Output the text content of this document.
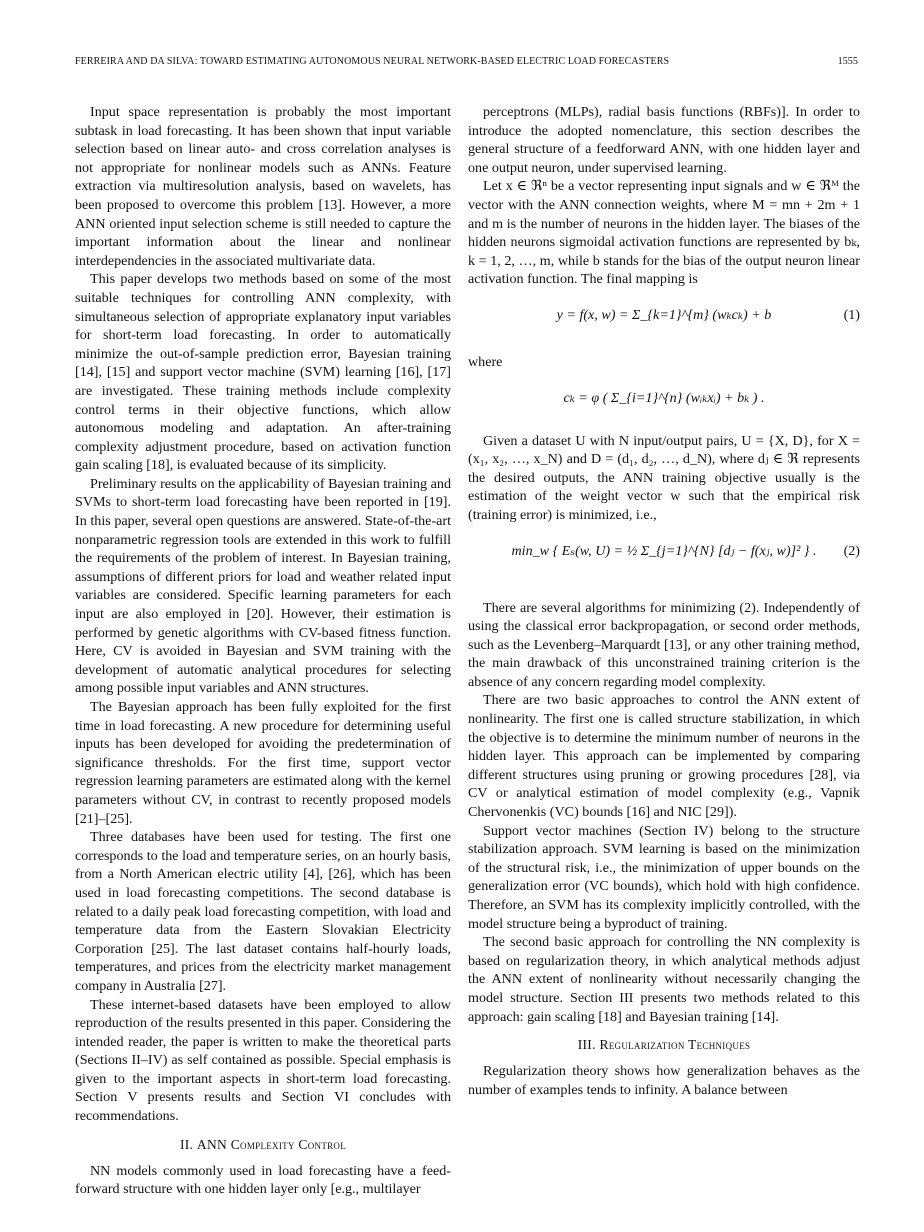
FERREIRA AND DA SILVA: TOWARD ESTIMATING AUTONOMOUS NEURAL NETWORK-BASED ELECTRIC LOAD FORECASTERS	1555

Input space representation is probably the most important subtask in load forecasting. It has been shown that input variable selection based on linear auto- and cross correlation analyses is not appropriate for nonlinear models such as ANNs. Feature extraction via multiresolution analysis, based on wavelets, has been proposed to overcome this problem [13]. However, a more ANN oriented input selection scheme is still needed to capture the important information about the linear and nonlinear interdependencies in the associated multivariate data.

This paper develops two methods based on some of the most suitable techniques for controlling ANN complexity, with simultaneous selection of appropriate explanatory input variables for short-term load forecasting. In order to automatically minimize the out-of-sample prediction error, Bayesian training [14], [15] and support vector machine (SVM) learning [16], [17] are investigated. These training methods include complexity control terms in their objective functions, which allow autonomous modeling and adaptation. An after-training complexity adjustment procedure, based on activation function gain scaling [18], is evaluated because of its simplicity.

Preliminary results on the applicability of Bayesian training and SVMs to short-term load forecasting have been reported in [19]. In this paper, several open questions are answered. State-of-the-art nonparametric regression tools are extended in this work to fulfill the requirements of the problem of interest. In Bayesian training, assumptions of different priors for load and weather related input variables are considered. Specific learning parameters for each input are also employed in [20]. However, their estimation is performed by genetic algorithms with CV-based fitness function. Here, CV is avoided in Bayesian and SVM training with the development of automatic analytical procedures for selecting among possible input variables and ANN structures.

The Bayesian approach has been fully exploited for the first time in load forecasting. A new procedure for determining useful inputs has been developed for avoiding the predetermination of significance thresholds. For the first time, support vector regression learning parameters are estimated along with the kernel parameters without CV, in contrast to recently proposed models [21]–[25].

Three databases have been used for testing. The first one corresponds to the load and temperature series, on an hourly basis, from a North American electric utility [4], [26], which has been used in load forecasting competitions. The second database is related to a daily peak load forecasting competition, with load and temperature data from the Eastern Slovakian Electricity Corporation [25]. The last dataset contains half-hourly loads, temperatures, and prices from the electricity market management company in Australia [27].

These internet-based datasets have been employed to allow reproduction of the results presented in this paper. Considering the intended reader, the paper is written to make the theoretical parts (Sections II–IV) as self contained as possible. Special emphasis is given to the important aspects in short-term load forecasting. Section V presents results and Section VI concludes with recommendations.

II. ANN Complexity Control

NN models commonly used in load forecasting have a feed-forward structure with one hidden layer only [e.g., multilayer

perceptrons (MLPs), radial basis functions (RBFs)]. In order to introduce the adopted nomenclature, this section describes the general structure of a feedforward ANN, with one hidden layer and one output neuron, under supervised learning.

Let x ∈ ℜⁿ be a vector representing input signals and w ∈ ℜᴹ the vector with the ANN connection weights, where M = mn + 2m + 1 and m is the number of neurons in the hidden layer. The biases of the hidden neurons sigmoidal activation functions are represented by bₖ, k = 1, 2, …, m, while b stands for the bias of the output neuron linear activation function. The final mapping is

y = f(x, w) = Σ_{k=1}^{m} (wₖcₖ) + b	(1)

where

cₖ = φ ( Σ_{i=1}^{n} (wᵢₖxᵢ) + bₖ ) .

Given a dataset U with N input/output pairs, U = {X, D}, for X = (x₁, x₂, …, x_N) and D = (d₁, d₂, …, d_N), where dⱼ ∈ ℜ represents the desired outputs, the ANN training objective usually is the estimation of the weight vector w such that the empirical risk (training error) is minimized, i.e.,

min_w { Eₛ(w, U) = ½ Σ_{j=1}^{N} [dⱼ − f(xⱼ, w)]² } .	(2)

There are several algorithms for minimizing (2). Independently of using the classical error backpropagation, or second order methods, such as the Levenberg–Marquardt [13], or any other training method, the main drawback of this unconstrained training criterion is the absence of any concern regarding model complexity.

There are two basic approaches to control the ANN extent of nonlinearity. The first one is called structure stabilization, in which the objective is to determine the minimum number of neurons in the hidden layer. This approach can be implemented by comparing different structures using pruning or growing procedures [28], via CV or analytical estimation of model complexity (e.g., Vapnik Chervonenkis (VC) bounds [16] and NIC [29]).

Support vector machines (Section IV) belong to the structure stabilization approach. SVM learning is based on the minimization of the structural risk, i.e., the minimization of upper bounds on the generalization error (VC bounds), which hold with high confidence. Therefore, an SVM has its complexity implicitly controlled, with the model structure being a byproduct of training.

The second basic approach for controlling the NN complexity is based on regularization theory, in which analytical methods adjust the ANN extent of nonlinearity without necessarily changing the model structure. Section III presents two methods related to this approach: gain scaling [18] and Bayesian training [14].

III. Regularization Techniques

Regularization theory shows how generalization behaves as the number of examples tends to infinity. A balance between
